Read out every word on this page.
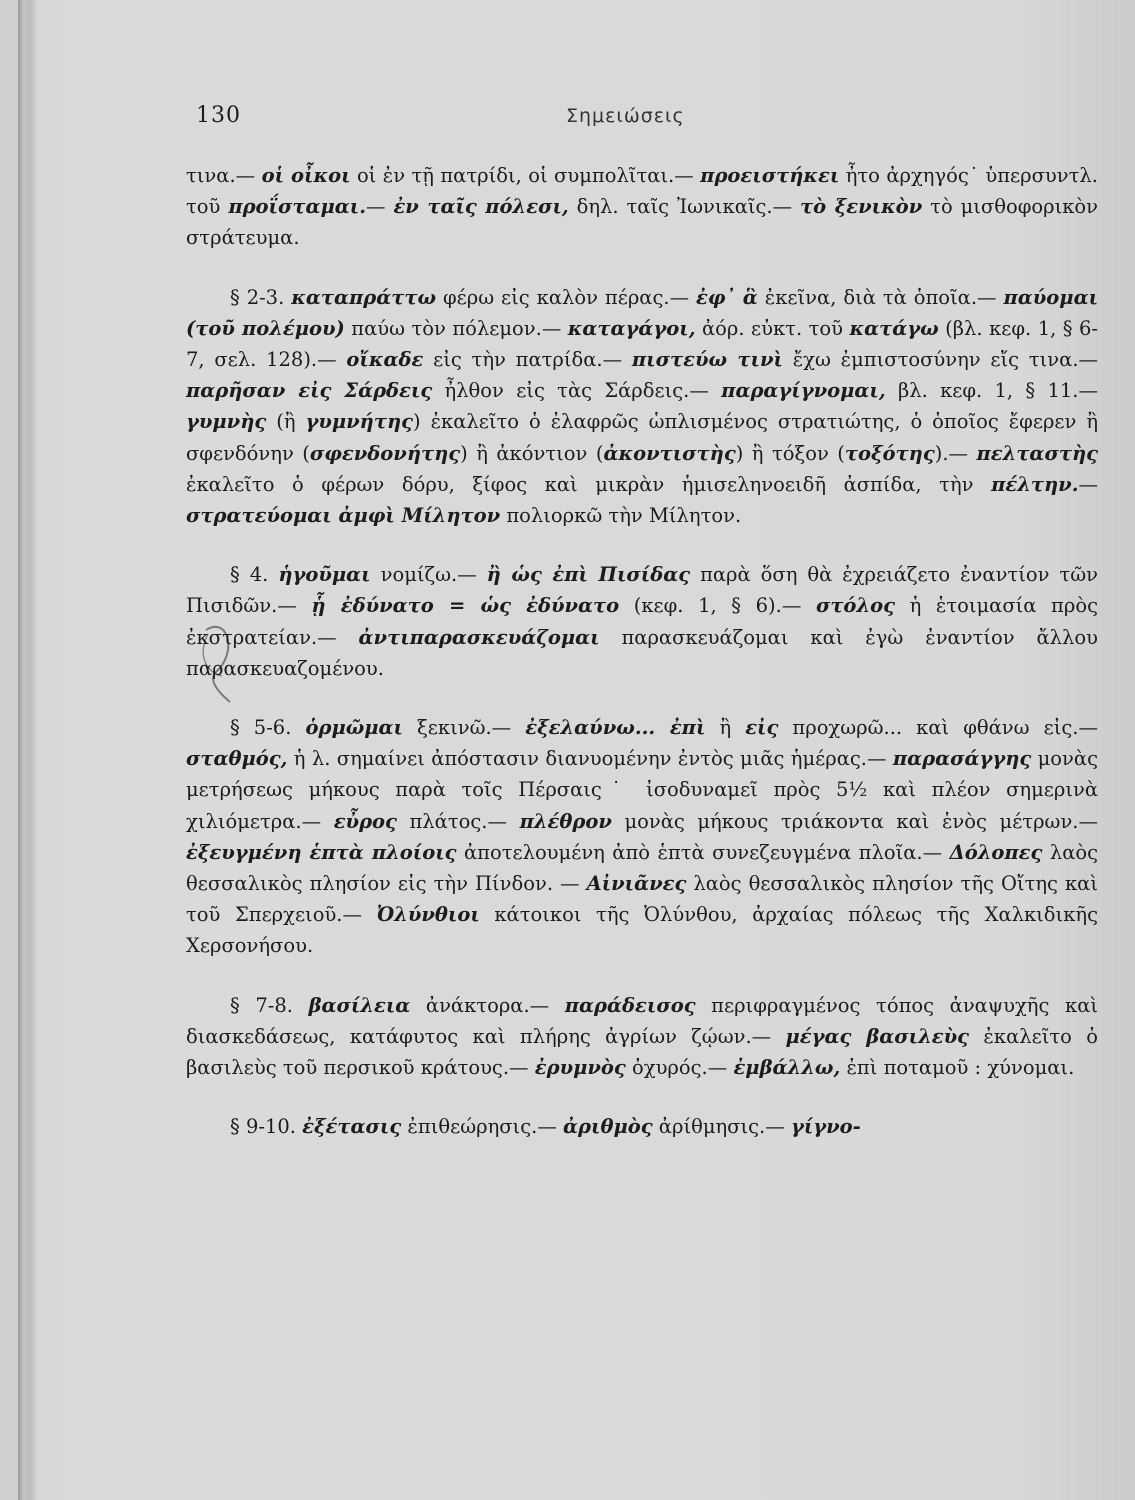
130	Σημειώσεις

τινα.— οἱ οἶκοι οἱ ἐν τῇ πατρίδι, οἱ συμπολῖται.— προειστήκει ἦτο ἀρχηγός˙ ὑπερσυντλ. τοῦ προΐσταμαι.— ἐν ταῖς πόλεσι, δηλ. ταῖς Ἰωνικαῖς.— τὸ ξενικὸν τὸ μισθοφορικὸν στράτευμα.

§ 2-3. καταπράττω φέρω εἰς καλὸν πέρας.— ἐφ᾽ ἃ ἐκεῖνα, διὰ τὰ ὁποῖα.— παύομαι (τοῦ πολέμου) παύω τὸν πόλεμον.— καταγάγοι, ἀόρ. εὐκτ. τοῦ κατάγω (βλ. κεφ. 1, § 6-7, σελ. 128).— οἴκαδε εἰς τὴν πατρίδα.— πιστεύω τινὶ ἔχω ἐμπιστοσύνην εἴς τινα.— παρῆσαν εἰς Σάρδεις ἦλθον εἰς τὰς Σάρδεις.— παραγίγνομαι, βλ. κεφ. 1, § 11.— γυμνὴς (ἢ γυμνήτης) ἐκαλεῖτο ὁ ἐλαφρῶς ὡπλισμένος στρατιώτης, ὁ ὁποῖος ἔφερεν ἢ σφενδόνην (σφενδονήτης) ἢ ἀκόντιον (ἀκοντιστὴς) ἢ τόξον (τοξότης).— πελταστὴς ἐκαλεῖτο ὁ φέρων δόρυ, ξίφος καὶ μικρὰν ἡμισεληνοειδῆ ἀσπίδα, τὴν πέλτην.— στρατεύομαι ἀμφὶ Μίλητον πολιορκῶ τὴν Μίλητον.

§ 4. ἡγοῦμαι νομίζω.— ἢ ὡς ἐπὶ Πισίδας παρὰ ὅση θὰ ἐχρειάζετο ἐναντίον τῶν Πισιδῶν.— ᾗ ἐδύνατο = ὡς ἐδύνατο (κεφ. 1, § 6).— στόλος ἡ ἑτοιμασία πρὸς ἐκστρατείαν.— ἀντιπαρασκευάζομαι παρασκευάζομαι καὶ ἐγὼ ἐναντίον ἄλλου παρασκευαζομένου.

§ 5-6. ὁρμῶμαι ξεκινῶ.— ἐξελαύνω... ἐπὶ ἢ εἰς προχωρῶ... καὶ φθάνω εἰς.— σταθμός, ἡ λ. σημαίνει ἀπόστασιν διανυομένην ἐντὸς μιᾶς ἡμέρας.— παρασάγγης μονὰς μετρήσεως μήκους παρὰ τοῖς Πέρσαις˙ ἰσοδυναμεῖ πρὸς 5½ καὶ πλέον σημερινὰ χιλιόμετρα.— εὖρος πλάτος.— πλέθρον μονὰς μήκους τριάκοντα καὶ ἑνὸς μέτρων.— ἐξευγμένη ἑπτὰ πλοίοις ἀποτελουμένη ἀπὸ ἑπτὰ συνεζευγμένα πλοῖα.— Δόλοπες λαὸς θεσσαλικὸς πλησίον εἰς τὴν Πίνδον. — Αἰνιᾶνες λαὸς θεσσαλικὸς πλησίον τῆς Οἴτης καὶ τοῦ Σπερχειοῦ.— Ὀλύνθιοι κάτοικοι τῆς Ὀλύνθου, ἀρχαίας πόλεως τῆς Χαλκιδικῆς Χερσονήσου.

§ 7-8. βασίλεια ἀνάκτορα.— παράδεισος περιφραγμένος τόπος ἀναψυχῆς καὶ διασκεδάσεως, κατάφυτος καὶ πλήρης ἀγρίων ζῴων.— μέγας βασιλεὺς ἐκαλεῖτο ὁ βασιλεὺς τοῦ περσικοῦ κράτους.— ἐρυμνὸς ὀχυρός.— ἐμβάλλω, ἐπὶ ποταμοῦ : χύνομαι.

§ 9-10. ἐξέτασις ἐπιθεώρησις.— ἀριθμὸς ἀρίθμησις.— γίγνο-
